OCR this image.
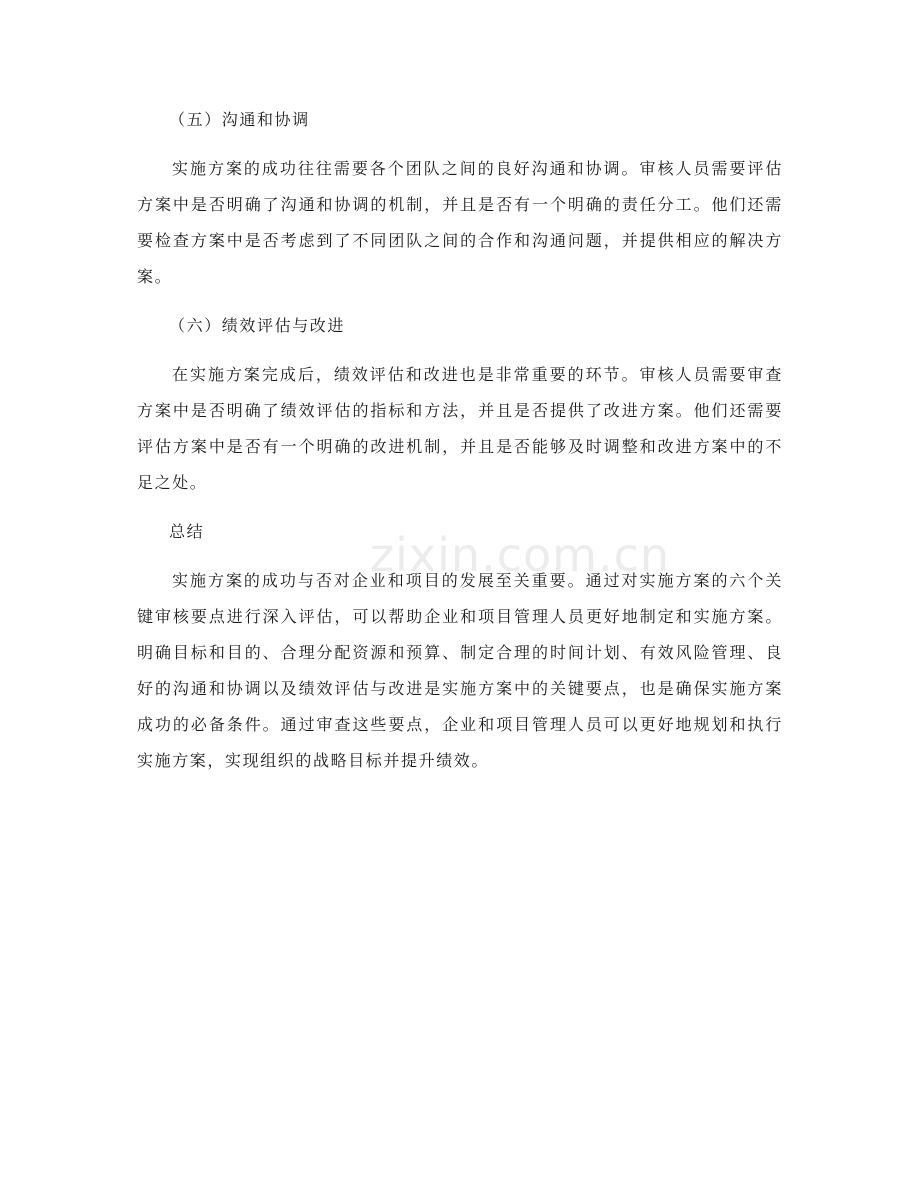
zixin.com.cn
（五）沟通和协调
实施方案的成功往往需要各个团队之间的良好沟通和协调。审核人员需要评估
方案中是否明确了沟通和协调的机制，并且是否有一个明确的责任分工。他们还需
要检查方案中是否考虑到了不同团队之间的合作和沟通问题，并提供相应的解决方
案。
（六）绩效评估与改进
在实施方案完成后，绩效评估和改进也是非常重要的环节。审核人员需要审查
方案中是否明确了绩效评估的指标和方法，并且是否提供了改进方案。他们还需要
评估方案中是否有一个明确的改进机制，并且是否能够及时调整和改进方案中的不
足之处。
总结
实施方案的成功与否对企业和项目的发展至关重要。通过对实施方案的六个关
键审核要点进行深入评估，可以帮助企业和项目管理人员更好地制定和实施方案。
明确目标和目的、合理分配资源和预算、制定合理的时间计划、有效风险管理、良
好的沟通和协调以及绩效评估与改进是实施方案中的关键要点，也是确保实施方案
成功的必备条件。通过审查这些要点，企业和项目管理人员可以更好地规划和执行
实施方案，实现组织的战略目标并提升绩效。
